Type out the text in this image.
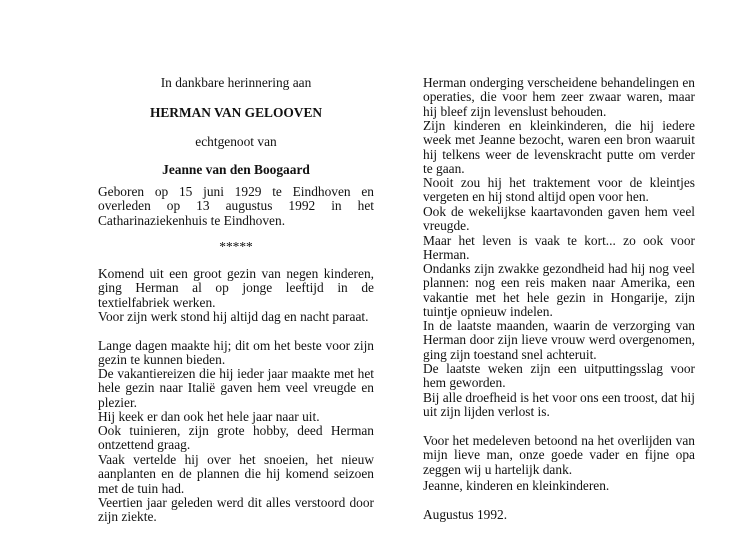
In dankbare herinnering aan
HERMAN VAN GELOOVEN
echtgenoot van
Jeanne van den Boogaard
Geboren op 15 juni 1929 te Eindhoven en overleden op 13 augustus 1992 in het Catharinaziekenhuis te Eindhoven.
*****
Komend uit een groot gezin van negen kinderen, ging Herman al op jonge leeftijd in de textielfabriek werken.
Voor zijn werk stond hij altijd dag en nacht paraat.
Lange dagen maakte hij; dit om het beste voor zijn gezin te kunnen bieden.
De vakantiereizen die hij ieder jaar maakte met het hele gezin naar Italië gaven hem veel vreugde en plezier.
Hij keek er dan ook het hele jaar naar uit.
Ook tuinieren, zijn grote hobby, deed Herman ontzettend graag.
Vaak vertelde hij over het snoeien, het nieuw aanplanten en de plannen die hij komend seizoen met de tuin had.
Veertien jaar geleden werd dit alles verstoord door zijn ziekte.
Herman onderging verscheidene behandelingen en operaties, die voor hem zeer zwaar waren, maar hij bleef zijn levenslust behouden.
Zijn kinderen en kleinkinderen, die hij iedere week met Jeanne bezocht, waren een bron waaruit hij telkens weer de levenskracht putte om verder te gaan.
Nooit zou hij het traktement voor de kleintjes vergeten en hij stond altijd open voor hen.
Ook de wekelijkse kaartavonden gaven hem veel vreugde.
Maar het leven is vaak te kort... zo ook voor Herman.
Ondanks zijn zwakke gezondheid had hij nog veel plannen: nog een reis maken naar Amerika, een vakantie met het hele gezin in Hongarije, zijn tuintje opnieuw indelen.
In de laatste maanden, waarin de verzorging van Herman door zijn lieve vrouw werd overgenomen, ging zijn toestand snel achteruit.
De laatste weken zijn een uitputtingsslag voor hem geworden.
Bij alle droefheid is het voor ons een troost, dat hij uit zijn lijden verlost is.
Voor het medeleven betoond na het overlijden van mijn lieve man, onze goede vader en fijne opa zeggen wij u hartelijk dank.
Jeanne, kinderen en kleinkinderen.
Augustus 1992.
